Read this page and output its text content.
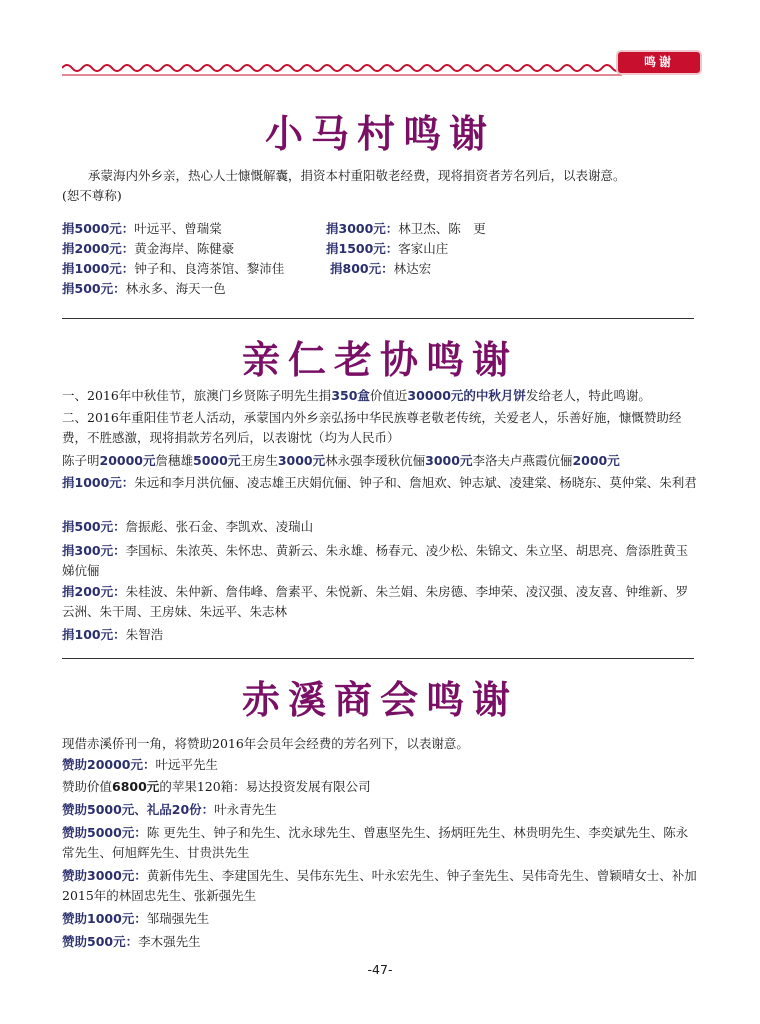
鸣谢
小马村鸣谢

承蒙海内外乡亲，热心人士慷慨解囊，捐资本村重阳敬老经费，现将捐资者芳名列后，以表谢意。

(恕不尊称)

捐5000元：叶远平、曾瑞棠	捐3000元：林卫杰、陈　更
捐2000元：黄金海岸、陈健豪	捐1500元：客家山庄
捐1000元：钟子和、良湾茶馆、黎沛佳	捐800元：林达宏
捐500元：林永多、海天一色
亲仁老协鸣谢

一、2016年中秋佳节，旅澳门乡贤陈子明先生捐350盒价值近30000元的中秋月饼发给老人，特此鸣谢。

二、2016年重阳佳节老人活动，承蒙国内外乡亲弘扬中华民族尊老敬老传统，关爱老人，乐善好施，慷慨赞助经费，不胜感激，现将捐款芳名列后，以表谢忱（均为人民币）

陈子明20000元詹穗雄5000元王房生3000元林永强李瑷秋伉俪3000元李洛夫卢燕霞伉俪2000元

捐1000元：朱远和李月洪伉俪、凌志雄王庆娟伉俪、钟子和、詹旭欢、钟志斌、凌建棠、杨晓东、莫仲棠、朱利君

捐500元：詹振彪、张石金、李凯欢、凌瑞山

捐300元：李国标、朱浓英、朱怀忠、黄新云、朱永雄、杨春元、凌少松、朱锦文、朱立坚、胡思亮、詹添胜黄玉娣伉俪

捐200元：朱桂波、朱仲新、詹伟峰、詹素平、朱悦新、朱兰娟、朱房德、李坤荣、凌汉强、凌友喜、钟维新、罗云洲、朱干周、王房妹、朱远平、朱志林

捐100元：朱智浩

赤溪商会鸣谢

现借赤溪侨刊一角，将赞助2016年会员年会经费的芳名列下，以表谢意。

赞助20000元：叶远平先生

赞助价值6800元的苹果120箱：易达投资发展有限公司

赞助5000元、礼品20份：叶永青先生

赞助5000元：陈 更先生、钟子和先生、沈永球先生、曾惠坚先生、扬炳旺先生、林贵明先生、李奕斌先生、陈永常先生、何旭辉先生、甘贵洪先生

赞助3000元：黄新伟先生、李建国先生、吴伟东先生、叶永宏先生、钟子奎先生、吴伟奇先生、曾颖晴女士、补加2015年的林固忠先生、张新强先生

赞助1000元：邹瑞强先生

赞助500元：李木强先生

-47-
